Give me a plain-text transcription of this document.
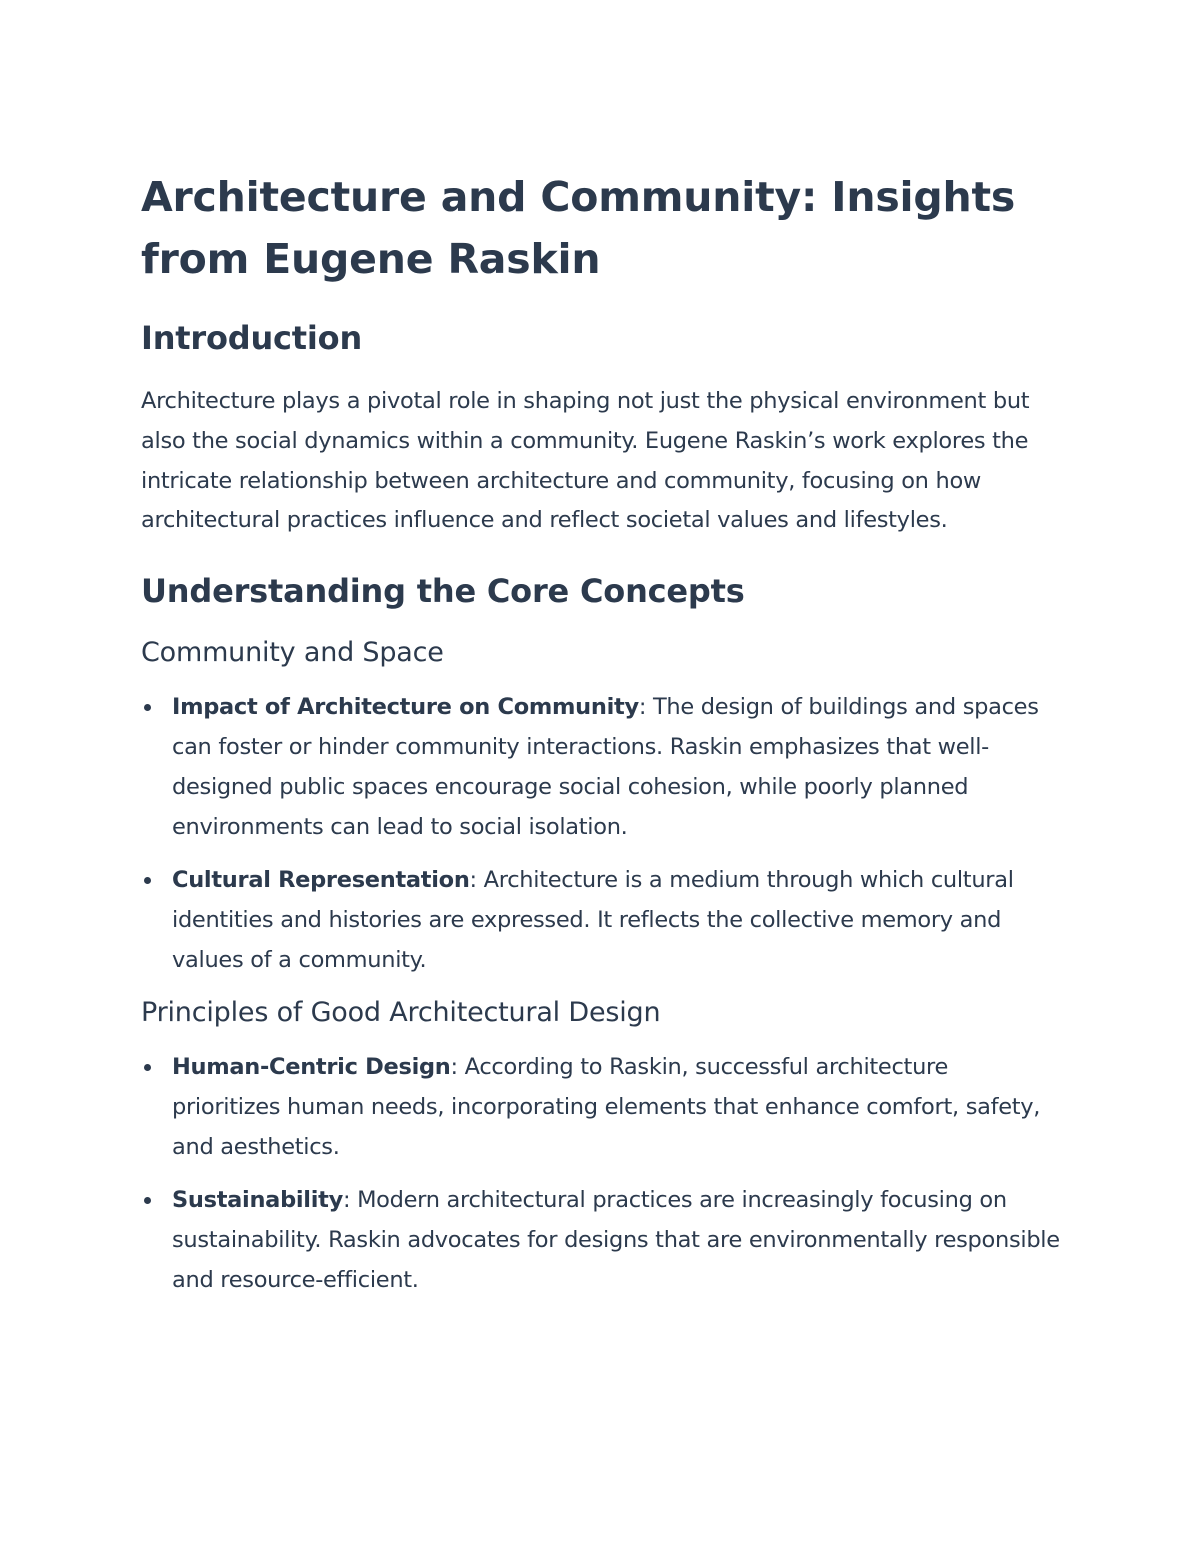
Architecture and Community: Insights from Eugene Raskin
Introduction

Architecture plays a pivotal role in shaping not just the physical environment but also the social dynamics within a community. Eugene Raskin’s work explores the intricate relationship between architecture and community, focusing on how architectural practices influence and reflect societal values and lifestyles.

Understanding the Core Concepts
Community and Space
Impact of Architecture on Community: The design of buildings and spaces can foster or hinder community interactions. Raskin emphasizes that well-designed public spaces encourage social cohesion, while poorly planned environments can lead to social isolation.
Cultural Representation: Architecture is a medium through which cultural identities and histories are expressed. It reflects the collective memory and values of a community.
Principles of Good Architectural Design
Human-Centric Design: According to Raskin, successful architecture prioritizes human needs, incorporating elements that enhance comfort, safety, and aesthetics.
Sustainability: Modern architectural practices are increasingly focusing on sustainability. Raskin advocates for designs that are environmentally responsible and resource-efficient.
